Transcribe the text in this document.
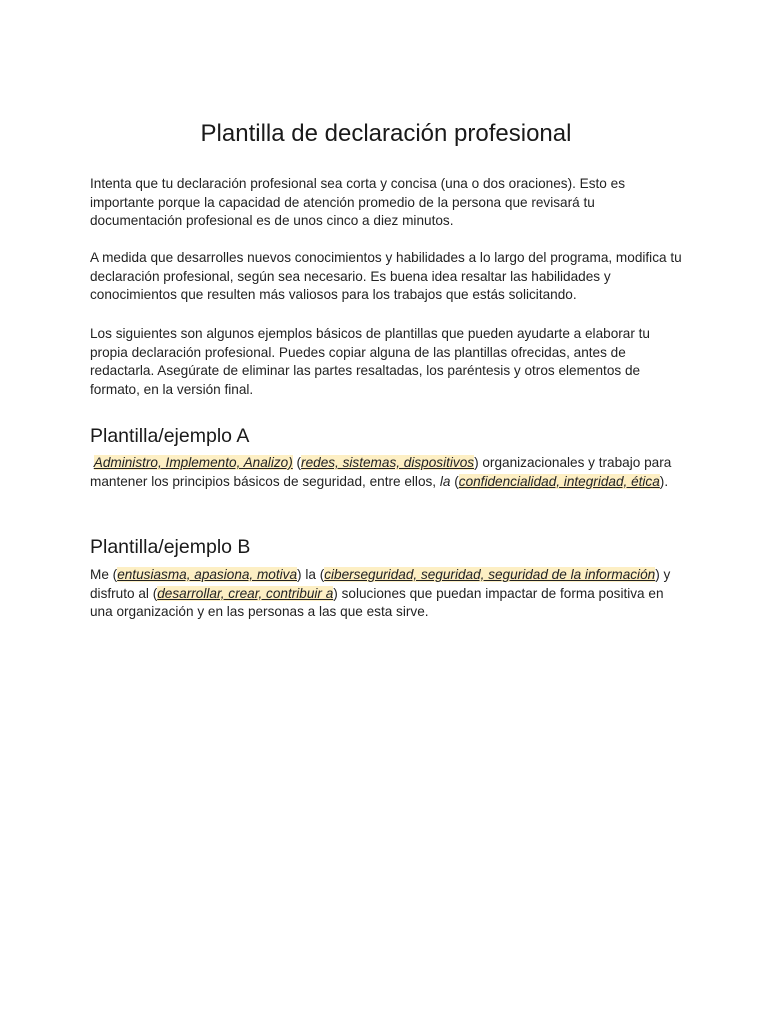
Plantilla de declaración profesional

Intenta que tu declaración profesional sea corta y concisa (una o dos oraciones). Esto es importante porque la capacidad de atención promedio de la persona que revisará tu documentación profesional es de unos cinco a diez minutos.

A medida que desarrolles nuevos conocimientos y habilidades a lo largo del programa, modifica tu declaración profesional, según sea necesario. Es buena idea resaltar las habilidades y conocimientos que resulten más valiosos para los trabajos que estás solicitando.

Los siguientes son algunos ejemplos básicos de plantillas que pueden ayudarte a elaborar tu propia declaración profesional. Puedes copiar alguna de las plantillas ofrecidas, antes de redactarla. Asegúrate de eliminar las partes resaltadas, los paréntesis y otros elementos de formato, en la versión final.

Plantilla/ejemplo A

Administro, Implemento, Analizo) (redes, sistemas, dispositivos) organizacionales y trabajo para mantener los principios básicos de seguridad, entre ellos, la (confidencialidad, integridad, ética).

Plantilla/ejemplo B

Me (entusiasma, apasiona, motiva) la (ciberseguridad, seguridad, seguridad de la información) y disfruto al (desarrollar, crear, contribuir a) soluciones que puedan impactar de forma positiva en una organización y en las personas a las que esta sirve.
